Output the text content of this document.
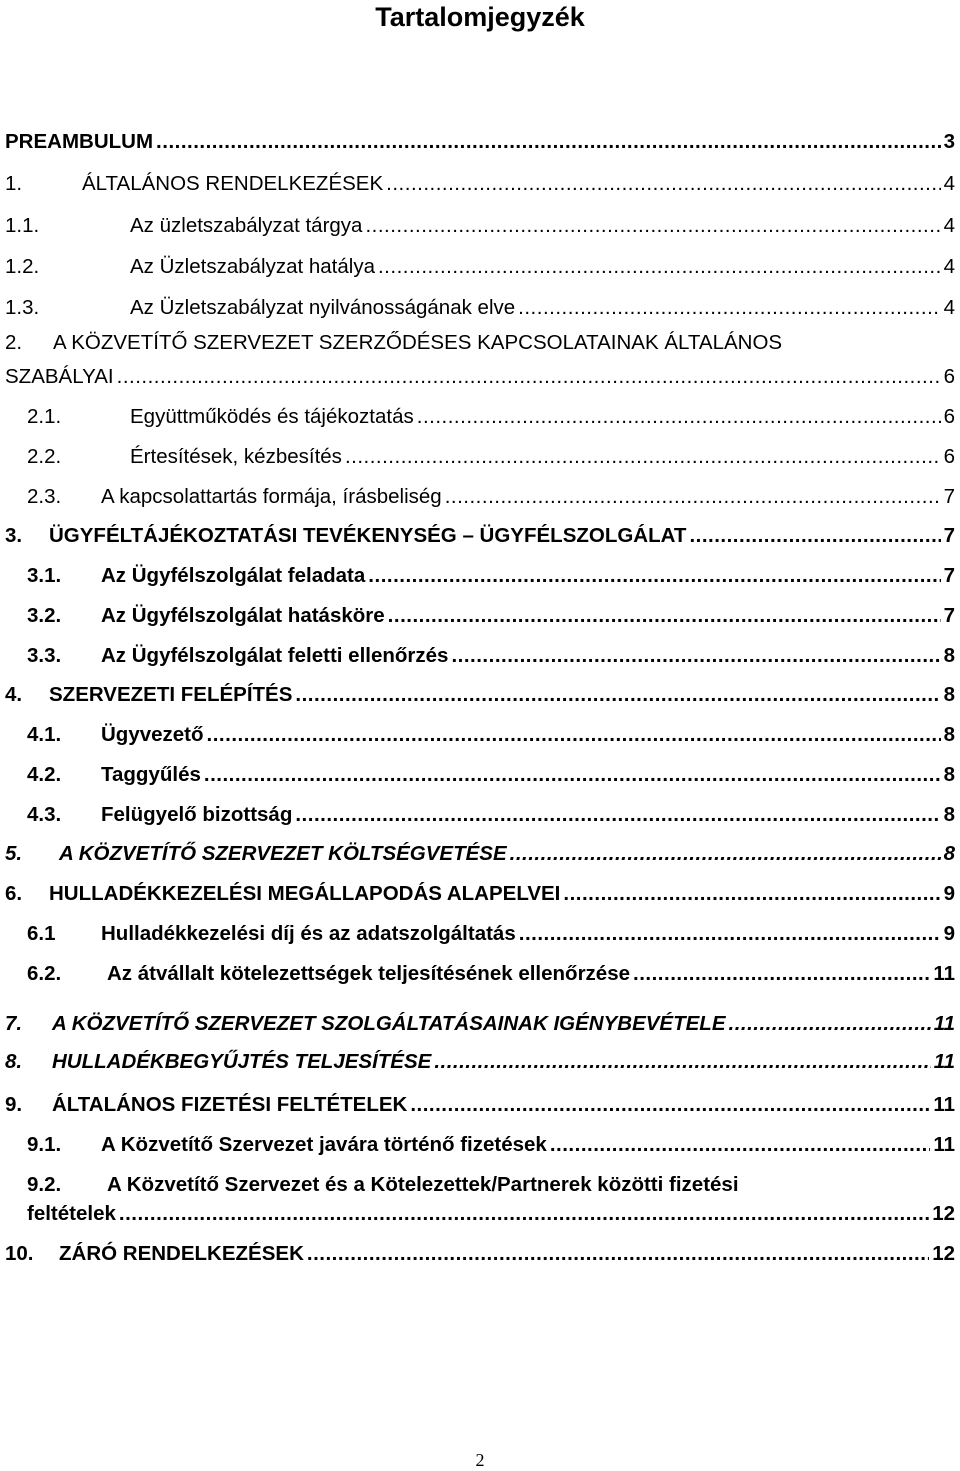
Tartalomjegyzék
PREAMBULUM .....	3
1.	ÁLTALÁNOS RENDELKEZÉSEK .....	4
1.1.	Az üzletszabályzat tárgya .....	4
1.2.	Az Üzletszabályzat hatálya .....	4
1.3.	Az Üzletszabályzat nyilvánosságának elve .....	4
2. A KÖZVETÍTŐ SZERVEZET SZERZŐDÉSES KAPCSOLATAINAK ÁLTALÁNOS
SZABÁLYAI .....	6
2.1.	Együttműködés és tájékoztatás .....	6
2.2.	Értesítések, kézbesítés .....	6
2.3.	A kapcsolattartás formája, írásbeliség .....	7
3.	ÜGYFÉLTÁJÉKOZTATÁSI TEVÉKENYSÉG – ÜGYFÉLSZOLGÁLAT .....	7
3.1.	Az Ügyfélszolgálat feladata .....	7
3.2.	Az Ügyfélszolgálat hatásköre .....	7
3.3.	Az Ügyfélszolgálat feletti ellenőrzés .....	8
4.	SZERVEZETI FELÉPÍTÉS .....	8
4.1.	Ügyvezető .....	8
4.2.	Taggyűlés .....	8
4.3.	Felügyelő bizottság .....	8
5.	A KÖZVETÍTŐ SZERVEZET KÖLTSÉGVETÉSE .....	8
6.	HULLADÉKKEZELÉSI MEGÁLLAPODÁS ALAPELVEI .....	9
6.1	Hulladékkezelési díj és az adatszolgáltatás .....	9
6.2.	Az átvállalt kötelezettségek teljesítésének ellenőrzése .....	11
7.	A KÖZVETÍTŐ SZERVEZET SZOLGÁLTATÁSAINAK IGÉNYBEVÉTELE .....	11
8.	HULLADÉKBEGYŰJTÉS TELJESÍTÉSE .....	11
9.	ÁLTALÁNOS FIZETÉSI FELTÉTELEK .....	11
9.1.	A Közvetítő Szervezet javára történő fizetések .....	11
9.2. A Közvetítő Szervezet és a Kötelezettek/Partnerek közötti fizetési
feltételek .....	12
10.	ZÁRÓ RENDELKEZÉSEK .....	12
2
